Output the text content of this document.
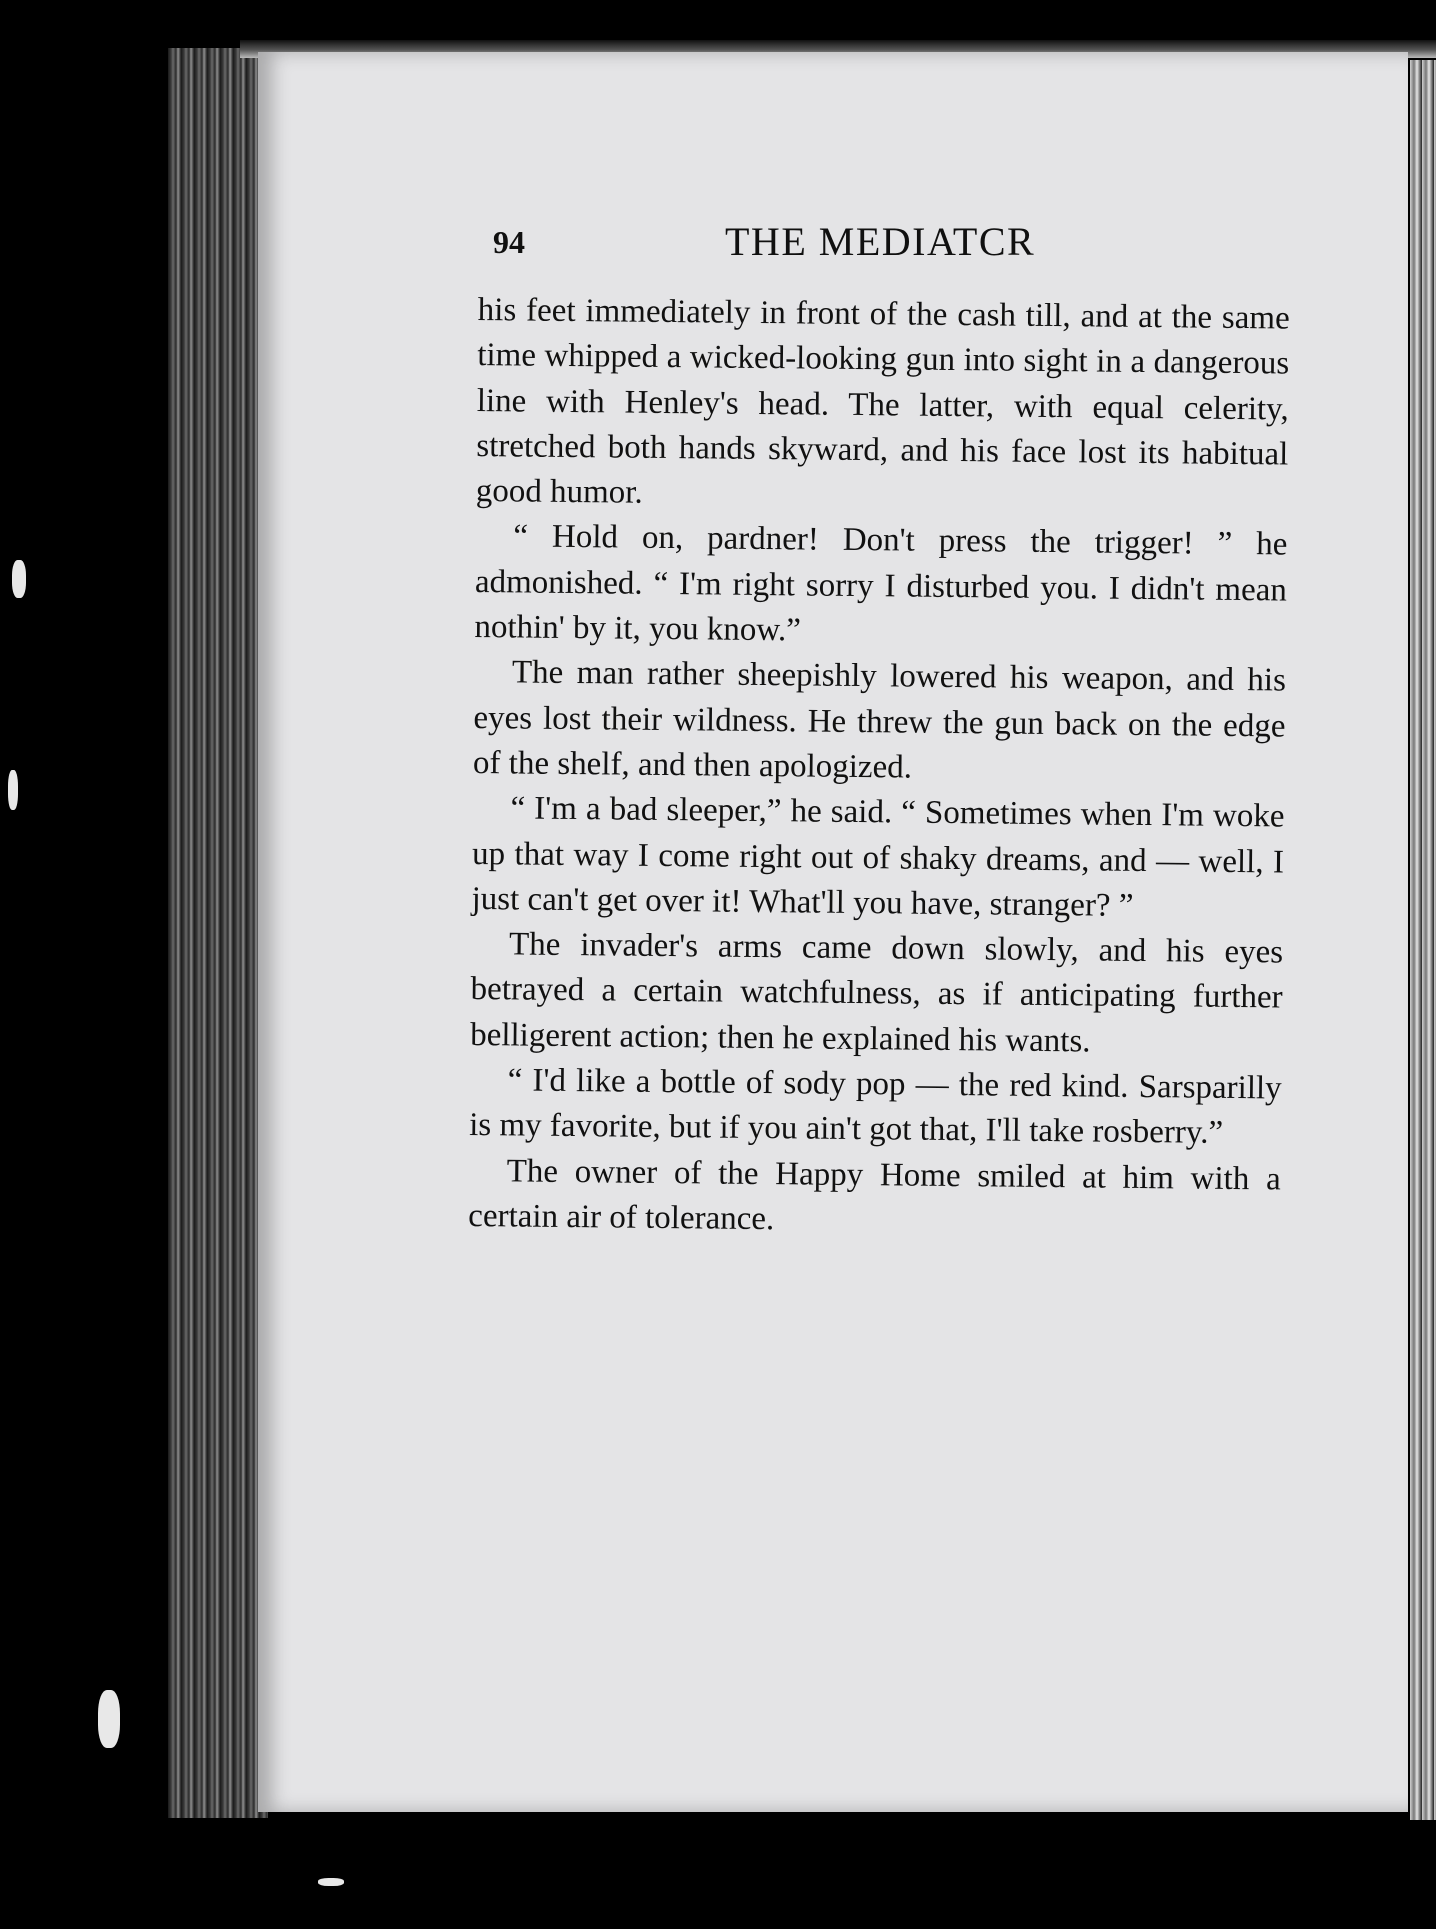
94	THE MEDIATCR

his feet immediately in front of the cash till, and at the same time whipped a wicked-looking gun into sight in a dangerous line with Henley's head. The latter, with equal celerity, stretched both hands skyward, and his face lost its habitual good humor.

“ Hold on, pardner! Don't press the trigger! ” he admonished. “ I'm right sorry I disturbed you. I didn't mean nothin' by it, you know.”

The man rather sheepishly lowered his weapon, and his eyes lost their wildness. He threw the gun back on the edge of the shelf, and then apologized.

“ I'm a bad sleeper,” he said. “ Sometimes when I'm woke up that way I come right out of shaky dreams, and — well, I just can't get over it! What'll you have, stranger? ”

The invader's arms came down slowly, and his eyes betrayed a certain watchfulness, as if anticipating further belligerent action; then he explained his wants.

“ I'd like a bottle of sody pop — the red kind. Sarsparilly is my favorite, but if you ain't got that, I'll take rosberry.”

The owner of the Happy Home smiled at him with a certain air of tolerance.
